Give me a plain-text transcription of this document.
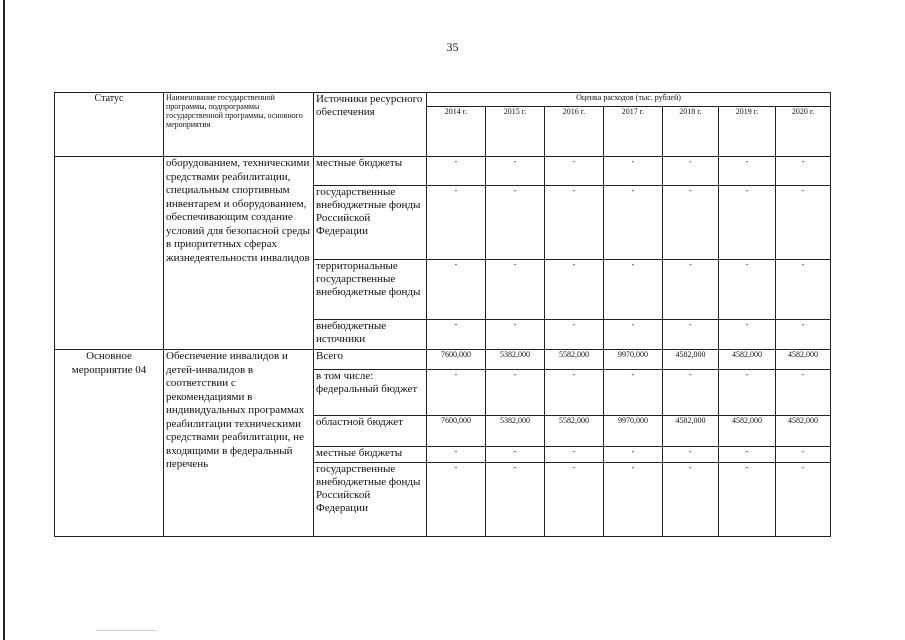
35
Статус	Наименование государственной программы, подпрограммы государственной программы, основного мероприятия	Источники ресурсного обеспечения	Оценка расходов (тыс. рублей)						
			2014 г.	2015 г.	2016 г.	2017 г.	2018 г.	2019 г.	2020 г.
	оборудованием, техническими средствами реабилитации, специальным спортивным инвентарем и оборудованием, обеспечивающим создание условий для безопасной среды в приоритетных сферах жизнедеятельности инвалидов	местные бюджеты	-	-	-	-	-	-	-
		государственные внебюджетные фонды Российской Федерации	-	-	-	-	-	-	-
		территориальные государственные внебюджетные фонды	-	-	-	-	-	-	-
		внебюджетные источники	-	-	-	-	-	-	-
Основное мероприятие 04	Обеспечение инвалидов и детей-инвалидов в соответствии с рекомендациями в индивидуальных программах реабилитации техническими средствами реабилитации, не входящими в федеральный перечень	Всего	7600,000	5382,000	5582,000	9970,000	4582,000	4582,000	4582,000
		в том числе: федеральный бюджет	-	-	-	-	-	-	-
		областной бюджет	7600,000	5382,000	5582,000	9970,000	4582,000	4582,000	4582,000
		местные бюджеты	-	-	-	-	-	-	-
		государственные внебюджетные фонды Российской Федерации	-	-	-	-	-	-	-
